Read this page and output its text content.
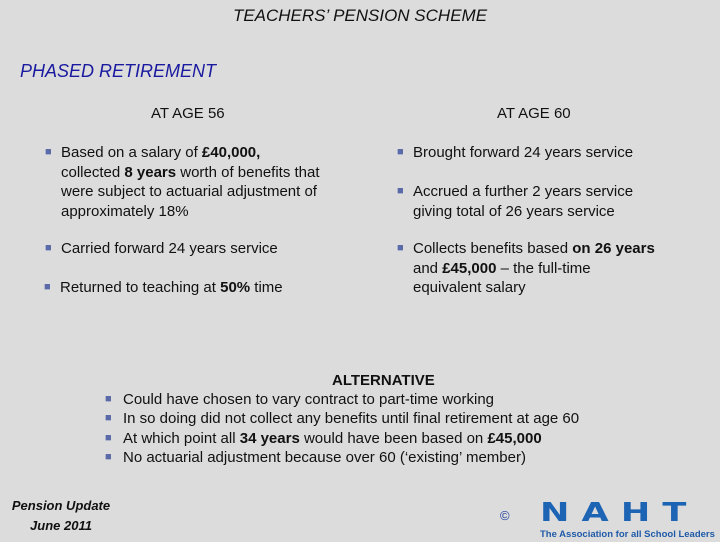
TEACHERS’ PENSION SCHEME
PHASED RETIREMENT
AT AGE 56	AT AGE 60
■ Based on a salary of £40,000, collected 8 years worth of benefits that were subject to actuarial adjustment of approximately 18%
■ Carried forward 24 years service
■ Returned to teaching at 50% time
■ Brought forward 24 years service
■ Accrued a further 2 years service giving total of 26 years service
■ Collects benefits based on 26 years and £45,000 – the full-time equivalent salary
ALTERNATIVE
■ Could have chosen to vary contract to part-time working
■ In so doing did not collect any benefits until final retirement at age 60
■ At which point all 34 years would have been based on £45,000
■ No actuarial adjustment because over 60 (‘existing’ member)
Pension Update
June 2011
© NAHT
The Association for all School Leaders
